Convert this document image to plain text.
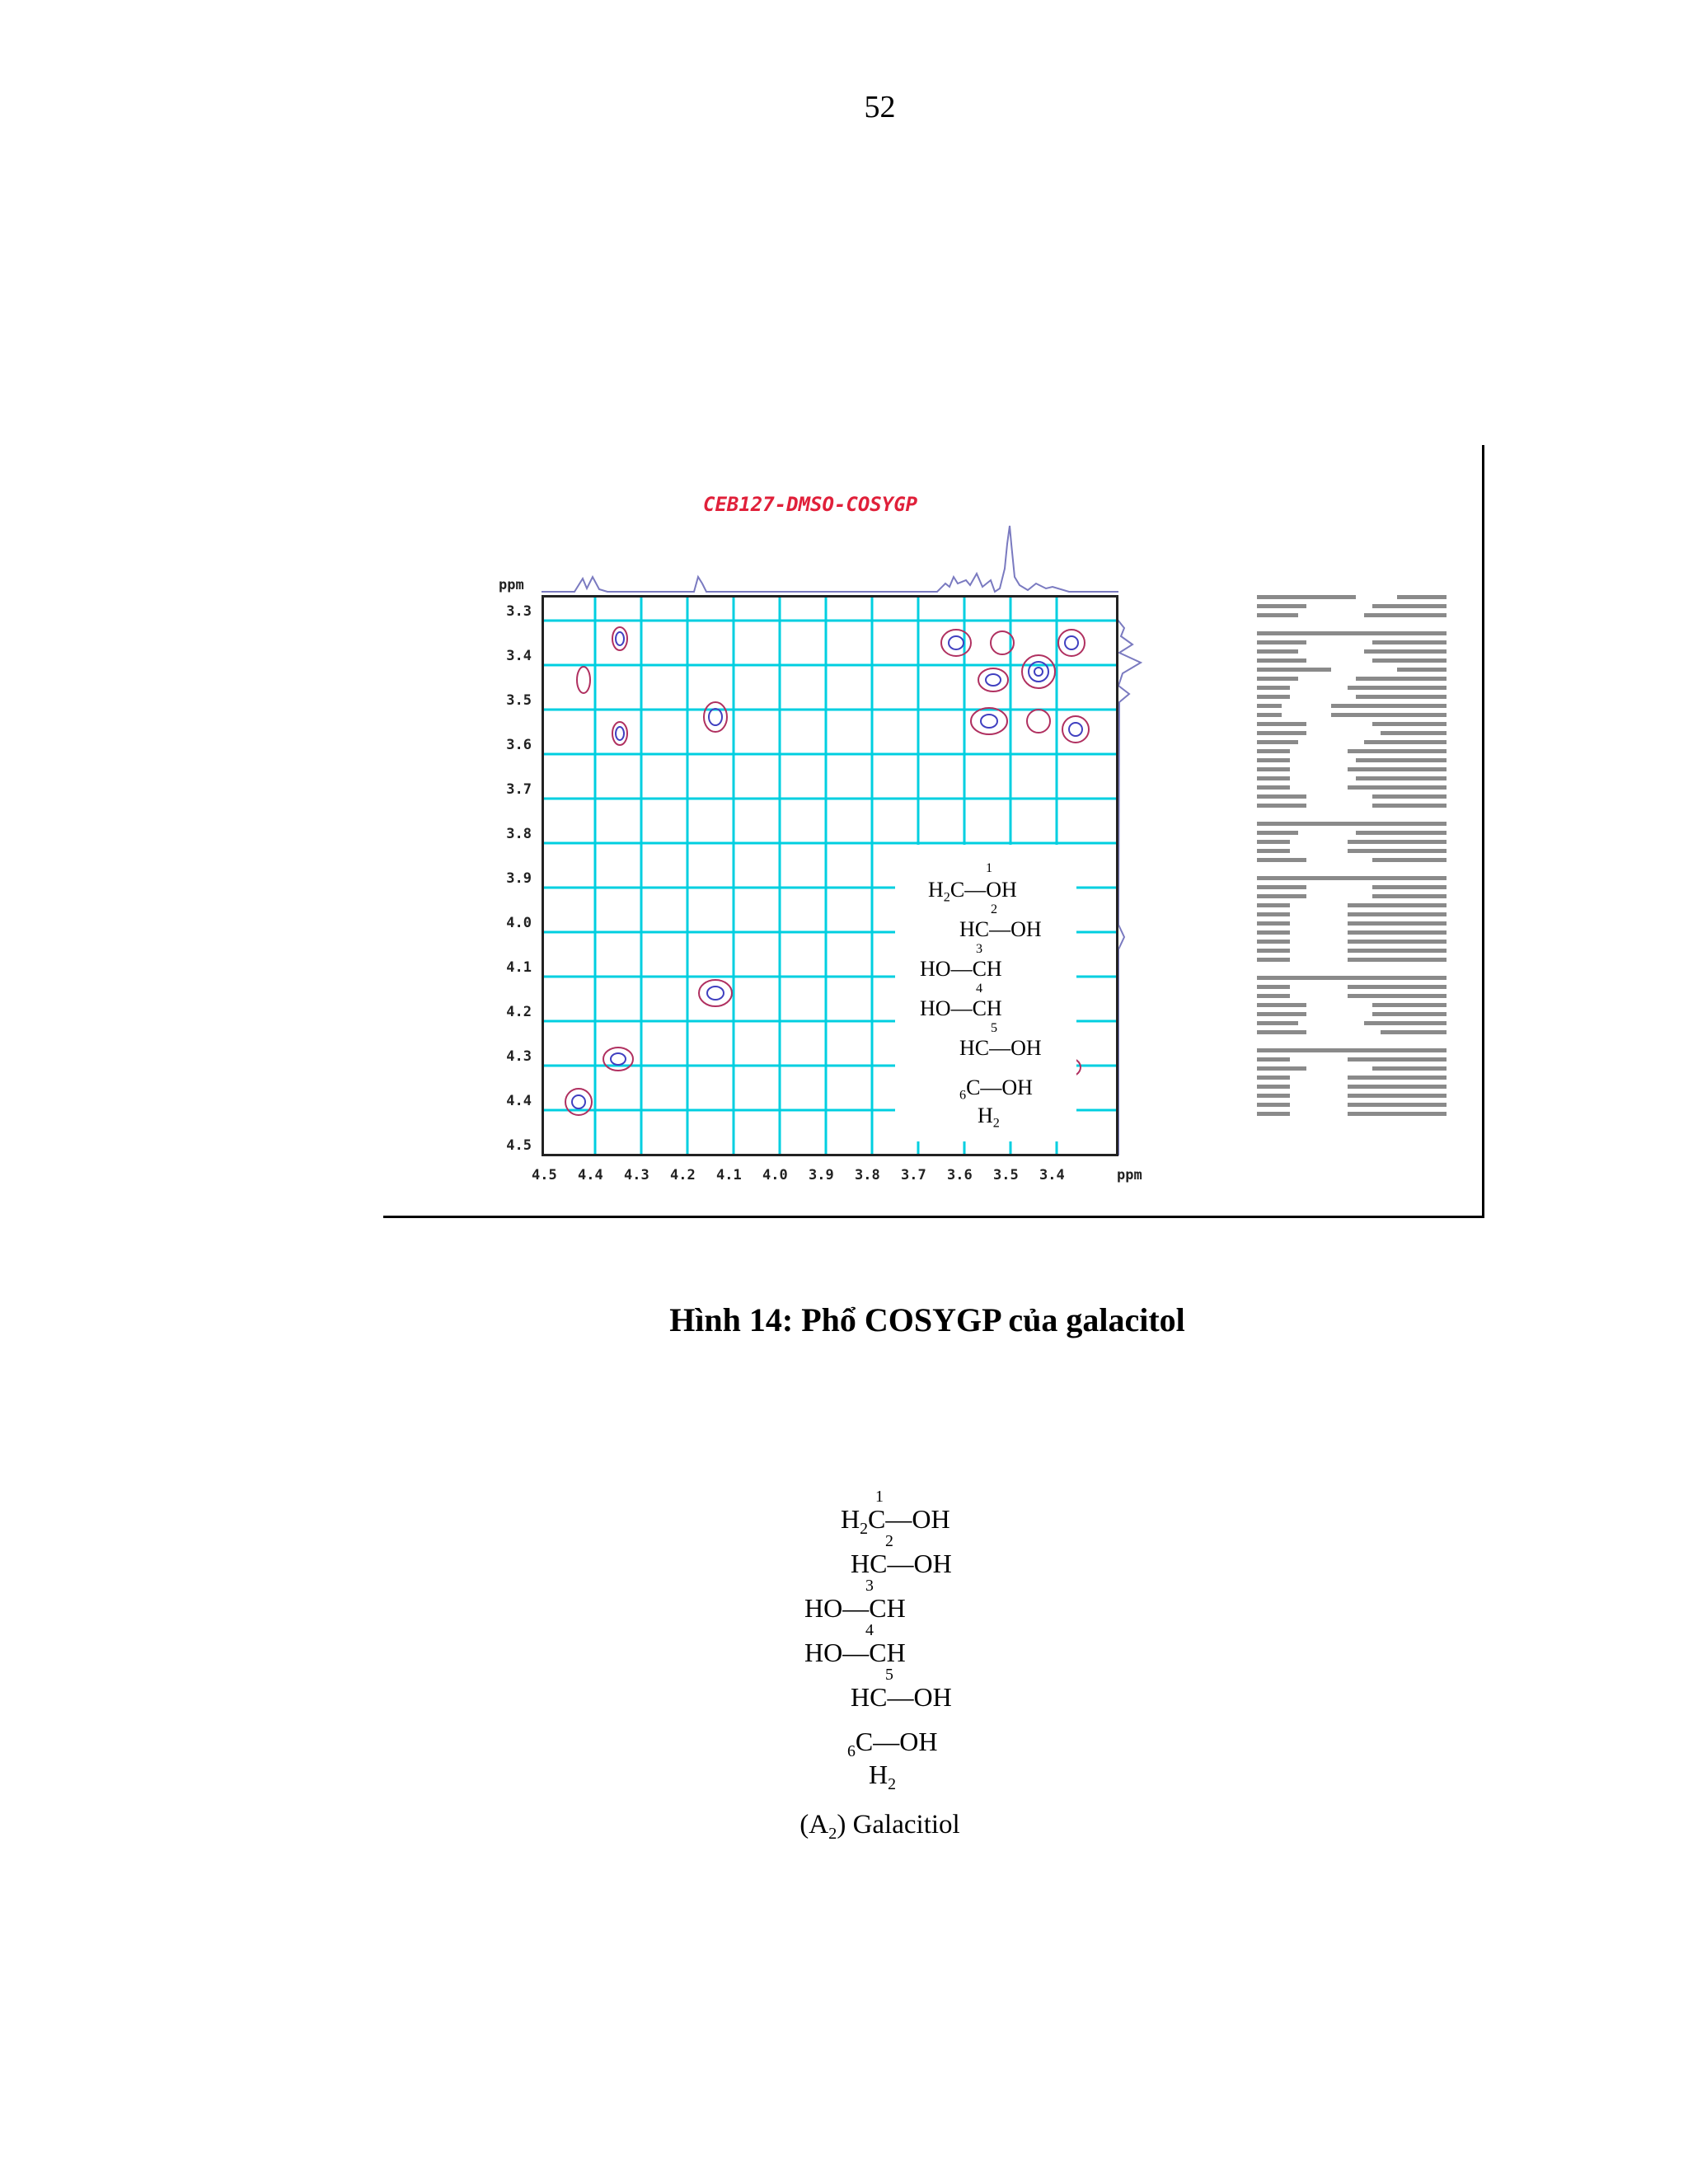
52
CEB127-DMSO-COSYGP
ppm
3.3
3.4
3.5
3.6
3.7
3.8
3.9
4.0
4.1
4.2
4.3
4.4
4.5
$H_2C—OH$
1
HC—OH
2
HO—CH
3
HO—CH
4
HC—OH
5
$_6$C—OH
$H_2$
4.5 4.4 4.3 4.2 4.1 4.0 3.9 3.8 3.7 3.6 3.5 3.4	ppm
Hình 14: Phổ COSYGP của galacitol
$H_2C—OH$
1
HC—OH
2
HO—CH
3
HO—CH
4
HC—OH
5
$_6$C—OH
$H_2$
$(A_2)$ Galacitiol
